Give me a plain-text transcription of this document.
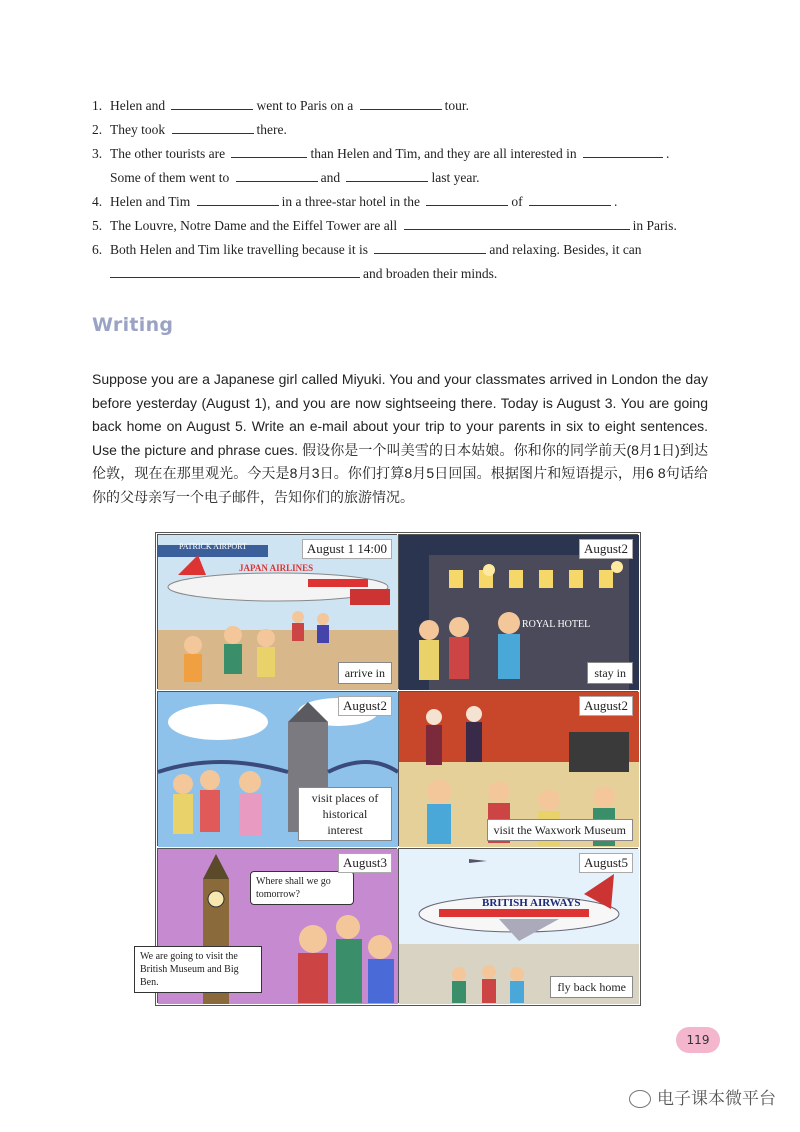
1. Helen and	went to Paris on a	tour.
2. They took	there.
3. The other tourists are	than Helen and Tim, and they are all interested in	.
Some of them went to	and	last year.
4. Helen and Tim	in a three-star hotel in the	of	.
5. The Louvre, Notre Dame and the Eiffel Tower are all	in Paris.
6. Both Helen and Tim like travelling because it is	and relaxing. Besides, it can
and broaden their minds.
Writing
Suppose you are a Japanese girl called Miyuki. You and your classmates arrived in London the day before yesterday (August 1), and you are now sightseeing there. Today is August 3. You are going back home on August 5. Write an e-mail about your trip to your parents in six to eight sentences. Use the picture and phrase cues. 假设你是一个叫美雪的日本姑娘。你和你的同学前天(8月1日)到达伦敦，现在在那里观光。今天是8月3日。你们打算8月5日回国。根据图片和短语提示，用6 8句话给你的父母亲写一个电子邮件，告知你们的旅游情况。
PATRICK AIRPORT
JAPAN AIRLINES
August 1 14:00
arrive in
ROYAL HOTEL
August2
stay in
August2
visit places of historical interest
August2
visit the Waxwork Museum
Where shall we go tomorrow?
We are going to visit the British Museum and Big Ben.
August3
BRITISH AIRWAYS
August5
fly back home
119
电子课本微平台
